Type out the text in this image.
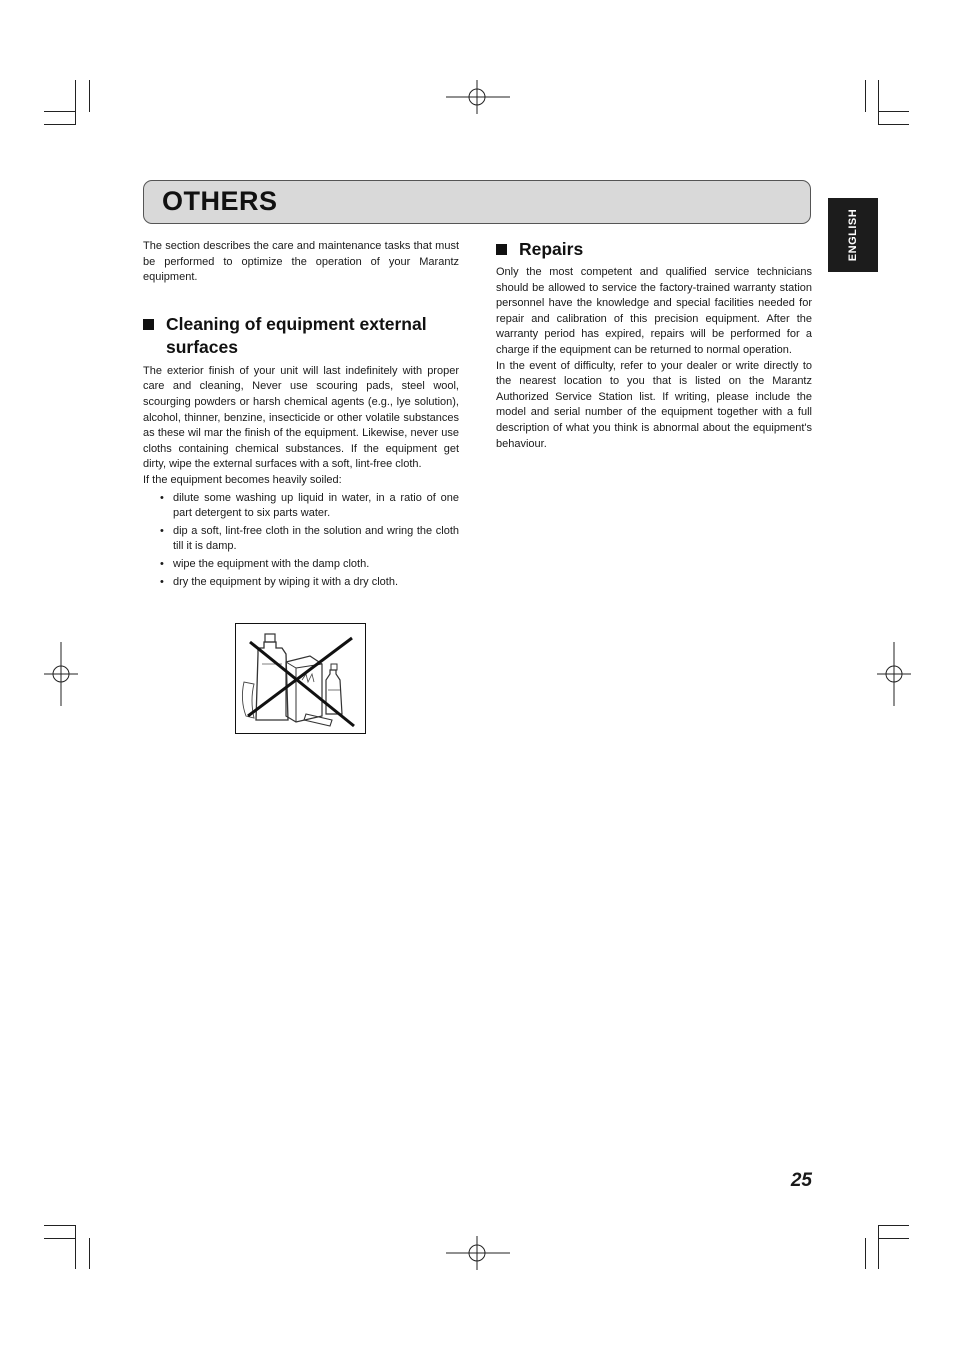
OTHERS
ENGLISH

The section describes the care and maintenance tasks that must be performed to optimize the operation of your Marantz equipment.

Cleaning of equipment external surfaces

The exterior finish of your unit will last indefinitely with proper care and cleaning, Never use scouring pads, steel wool, scourging powders or harsh chemical agents (e.g., lye solution), alcohol, thinner, benzine, insecticide or other volatile substances as these wil mar the finish of the equipment. Likewise, never use cloths containing chemical substances. If the equipment get dirty, wipe the external surfaces with a soft, lint-free cloth.

If the equipment becomes heavily soiled:

• dilute some washing up liquid in water, in a ratio of one part detergent to six parts water.
• dip a soft, lint-free cloth in the solution and wring the cloth till it is damp.
• wipe the equipment with the damp cloth.
• dry the equipment by wiping it with a dry cloth.
Repairs

Only the most competent and qualified service technicians should be allowed to service the factory-trained warranty station personnel have the knowledge and special facilities needed for repair and calibration of this precision equipment. After the warranty period has expired, repairs will be performed for a charge if the equipment can be returned to normal operation.

In the event of difficulty, refer to your dealer or write directly to the nearest location to you that is listed on the Marantz Authorized Service Station list. If writing, please include the model and serial number of the equipment together with a full description of what you think is abnormal about the equipment's behaviour.

25
